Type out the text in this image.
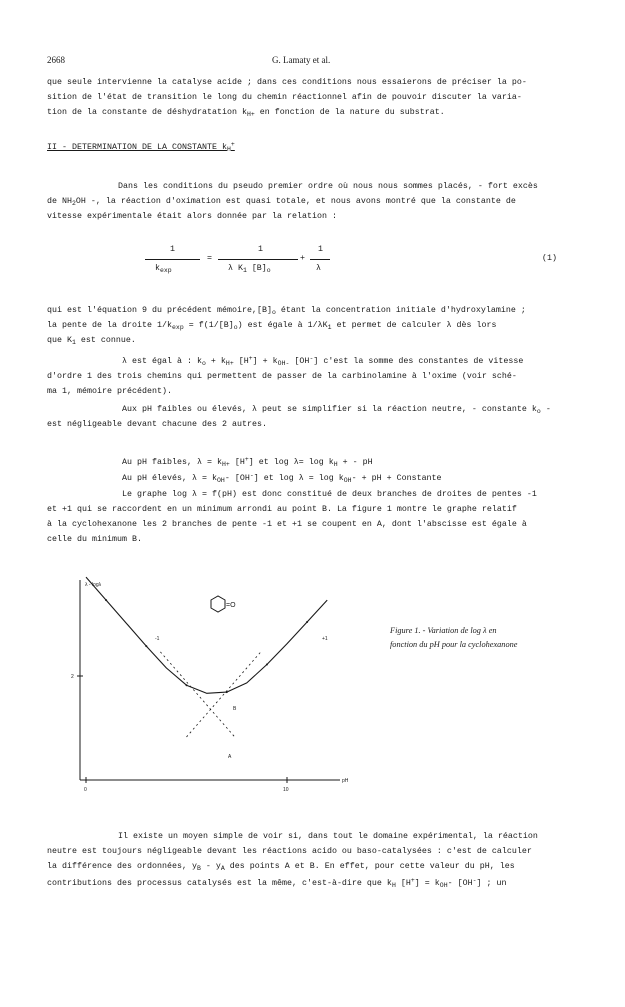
2668	G. Lamaty et al.
que seule intervienne la catalyse acide ; dans ces conditions nous essaierons de préciser la po-
sition de l'état de transition le long du chemin réactionnel afin de pouvoir discuter la varia-
tion de la constante de déshydratation $k_{H+}$ en fonction de la nature du substrat.
II - DETERMINATION DE LA CONSTANTE $k_H^+$
Dans les conditions du pseudo premier ordre où nous nous sommes placés, - fort excès
de $NH_2OH$ -, la réaction d'oximation est quasi totale, et nous avons montré que la constante de
vitesse expérimentale était alors donnée par la relation :
1
$k_{exp}$
=
1
λ $K_1$ $[B]_o$
+
1
λ
(1)
qui est l'équation 9 du précédent $mémoire,[B]_o$ étant la concentration initiale d'hydroxylamine ;
la pente de la droite $1/k_{exp} = f(1/[B]_o)$ est égale à $1/\lambda K_1$ et permet de calculer λ dès lors
que $K_1$ est connue.
λ est égal à : $k_o + k_{H+}$ $[H^+] + k_{OH-}$ [OH-] c'est la somme des constantes de vitesse
d'ordre 1 des trois chemins qui permettent de passer de la carbinolamine à l'oxime (voir sché-
ma 1, mémoire précédent).
Aux pH faibles ou élevés, λ peut se simplifier si la réaction neutre, - constante $k_o$ -
est négligeable devant chacune des 2 autres.
Au pH faibles, $\lambda = k_{H+}$ [H+] et $\log \lambda= \log k_H$ + - pH
Au pH élevés, $\lambda = k_{OH}-$ [OH-] et $\log \lambda = \log k_{OH}-$ + pH + Constante
Le graphe log λ = f(pH) est donc constitué de deux branches de droites de pentes -1
et +1 qui se raccordent en un minimum arrondi au point B. La figure 1 montre le graphe relatif
à la cyclohexanone les 2 branches de pente -1 et +1 se coupent en A, dont l'abscisse est égale à
celle du minimum B.
=O
λ - logλ
-1	+1
B
A
2
0	10
pH
Figure 1. - Variation de log λ en
fonction du pH pour la cyclohexanone
Il existe un moyen simple de voir si, dans tout le domaine expérimental, la réaction
neutre est toujours négligeable devant les réactions acido ou baso-catalysées : c'est de calculer
la différence des ordonnées, $y_B - y_A$ des points A et B. En effet, pour cette valeur du pH, les
contributions des processus catalysés est la même, c'est-à-dire que $k_H$ $[H^+] = k_{OH}-$ [OH-] ; un
